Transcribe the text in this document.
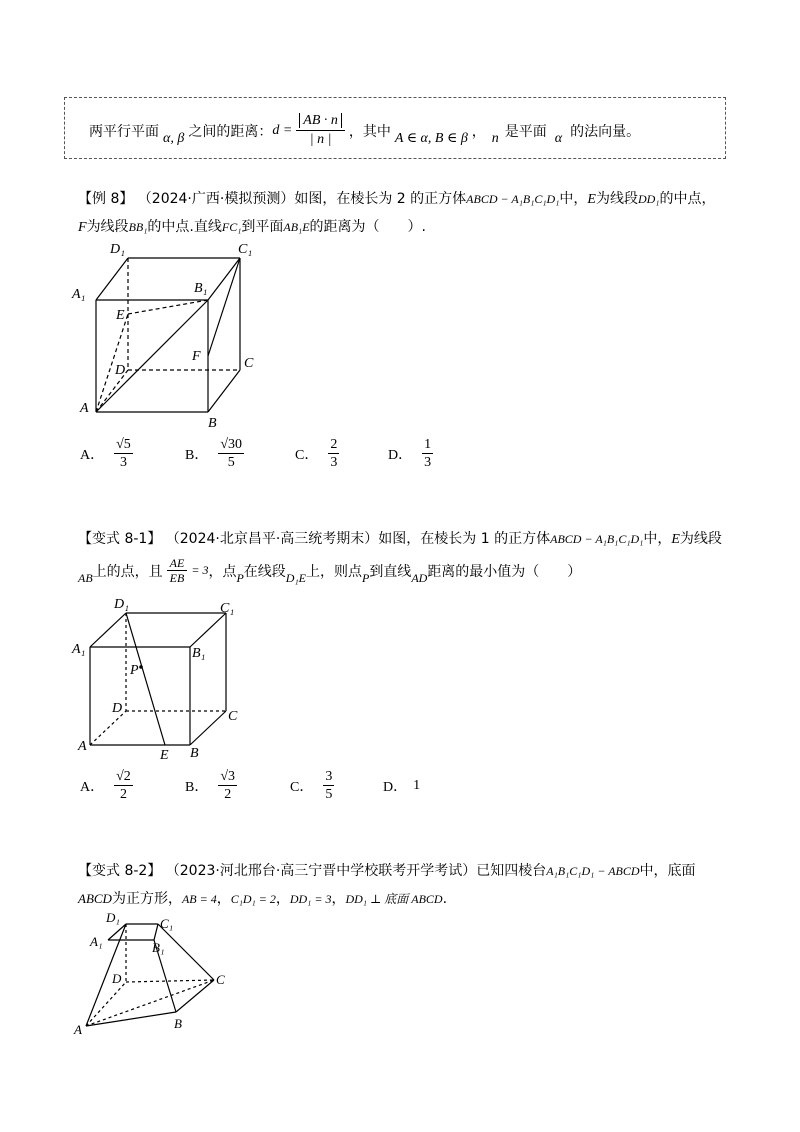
两平行平面 α, β 之间的距离： $d = \frac{AB \cdot n}{| n |}$ ，其中 A ∈ α, B ∈ β ， n 是平面 α 的法向量。
【例 8】 （2024·广西·模拟预测）如图，在棱长为 2 的正方体ABCD − A₁B₁C₁D₁中，E为线段DD₁的中点，
F为线段BB₁的中点.直线FC₁到平面AB₁E的距离为（　　）.
D₁	C₁
A₁	B₁
E
F
D	C
A
B
A．
√5
3	B．
√30
5	C．
2
3	D．
1
3
【变式 8-1】 （2024·北京昌平·高三统考期末）如图，在棱长为 1 的正方体ABCD − A₁B₁C₁D₁中，E为线段
AB 上的点，且 $\frac{AE}{EB} = 3$ ，点 P 在线段 D₁E 上，则点 P 到直线 AD 距离的最小值为（　　）
D₁	C₁
A₁	B₁
P
D
C
A
E B
A．
√2
2	B．
√3
2	C．
3
5	D． 1
【变式 8-2】 （2023·河北邢台·高三宁晋中学校联考开学考试）已知四棱台A₁B₁C₁D₁ − ABCD中，底面
ABCD为正方形，AB = 4，C₁D₁ = 2，DD₁ = 3，DD₁ ⊥ 底面 ABCD.
D₁	C₁
A₁	B₁
D	C
A	B
